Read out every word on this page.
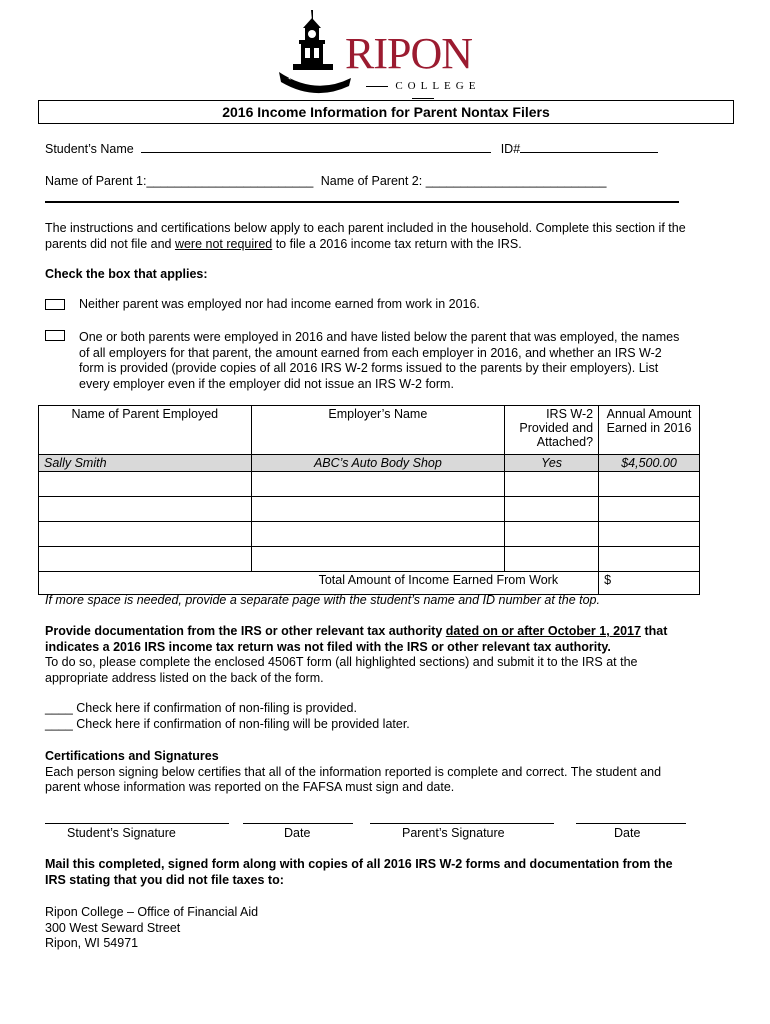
1851
RIPON
COLLEGE
2016 Income Information for Parent Nontax Filers
Student’s Name	ID#
Name of Parent 1:________________________ Name of Parent 2: __________________________
The instructions and certifications below apply to each parent included in the household. Complete this section if the
parents did not file and were not required to file a 2016 income tax return with the IRS.
Check the box that applies:
Neither parent was employed nor had income earned from work in 2016.
One or both parents were employed in 2016 and have listed below the parent that was employed, the names
of all employers for that parent, the amount earned from each employer in 2016, and whether an IRS W-2
form is provided (provide copies of all 2016 IRS W-2 forms issued to the parents by their employers). List
every employer even if the employer did not issue an IRS W-2 form.
Name of Parent Employed	Employer’s Name	IRS W-2 Provided and Attached?	Annual Amount Earned in 2016
Sally Smith	ABC’s Auto Body Shop	Yes	$4,500.00

Total Amount of Income Earned From Work			$
If more space is needed, provide a separate page with the student’s name and ID number at the top.
Provide documentation from the IRS or other relevant tax authority dated on or after October 1, 2017 that
indicates a 2016 IRS income tax return was not filed with the IRS or other relevant tax authority.
To do so, please complete the enclosed 4506T form (all highlighted sections) and submit it to the IRS at the
appropriate address listed on the back of the form.
____ Check here if confirmation of non-filing is provided.
____ Check here if confirmation of non-filing will be provided later.
Certifications and Signatures
Each person signing below certifies that all of the information reported is complete and correct. The student and
parent whose information was reported on the FAFSA must sign and date.
Student’s Signature	Date	Parent’s Signature	Date
Mail this completed, signed form along with copies of all 2016 IRS W-2 forms and documentation from the
IRS stating that you did not file taxes to:
Ripon College – Office of Financial Aid
300 West Seward Street
Ripon, WI 54971
